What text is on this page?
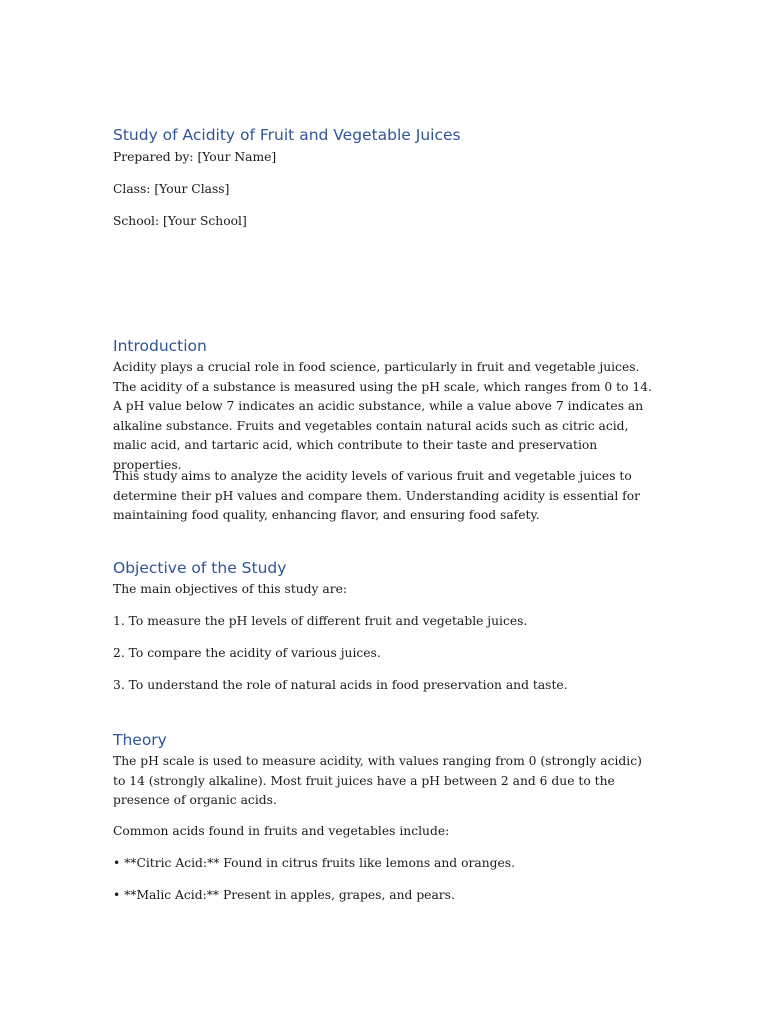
Study of Acidity of Fruit and Vegetable Juices

Prepared by: [Your Name]

Class: [Your Class]

School: [Your School]

Introduction

Acidity plays a crucial role in food science, particularly in fruit and vegetable juices. The acidity of a substance is measured using the pH scale, which ranges from 0 to 14. A pH value below 7 indicates an acidic substance, while a value above 7 indicates an alkaline substance. Fruits and vegetables contain natural acids such as citric acid, malic acid, and tartaric acid, which contribute to their taste and preservation properties.

This study aims to analyze the acidity levels of various fruit and vegetable juices to determine their pH values and compare them. Understanding acidity is essential for maintaining food quality, enhancing flavor, and ensuring food safety.

Objective of the Study

The main objectives of this study are:

1. To measure the pH levels of different fruit and vegetable juices.

2. To compare the acidity of various juices.

3. To understand the role of natural acids in food preservation and taste.

Theory

The pH scale is used to measure acidity, with values ranging from 0 (strongly acidic) to 14 (strongly alkaline). Most fruit juices have a pH between 2 and 6 due to the presence of organic acids.

Common acids found in fruits and vegetables include:

• **Citric Acid:** Found in citrus fruits like lemons and oranges.

• **Malic Acid:** Present in apples, grapes, and pears.
